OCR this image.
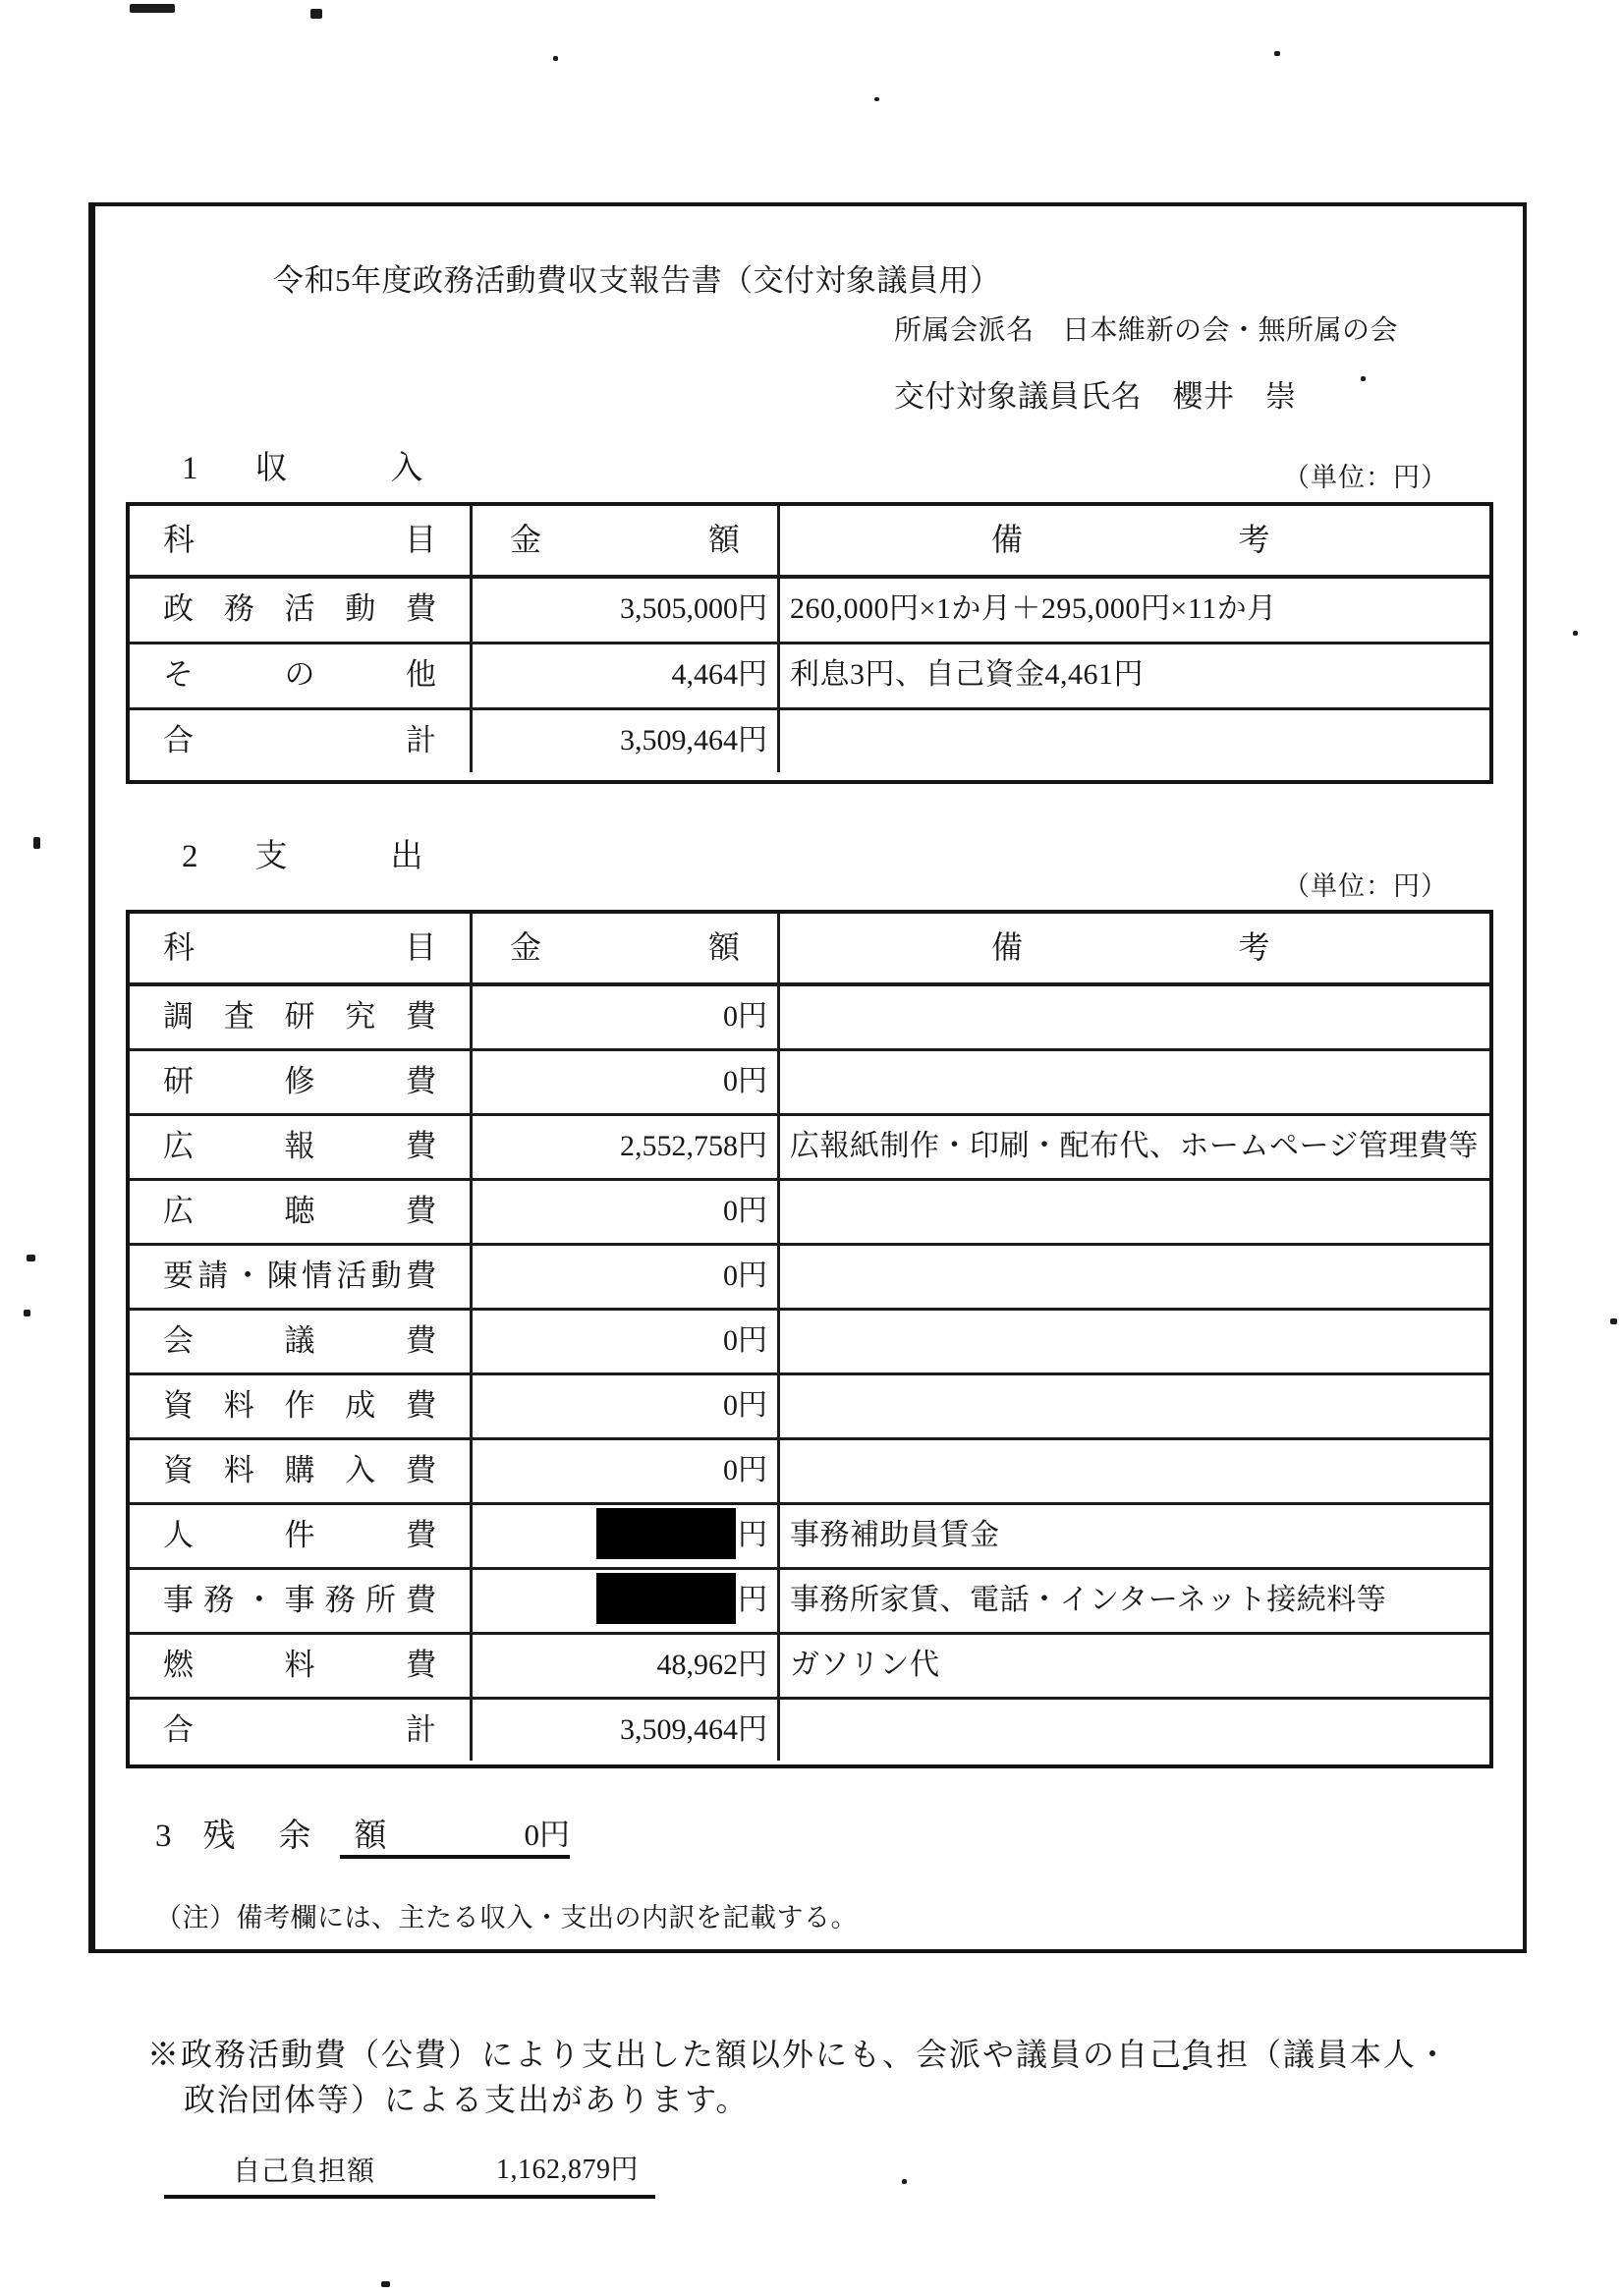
令和5年度政務活動費収支報告書（交付対象議員用）
所属会派名　日本維新の会・無所属の会
交付対象議員氏名　櫻井　崇
1 収入	（単位：円）
科目	金額	備考
政務活動費	3,505,000円 260,000円×1か月＋295,000円×11か月
その他	4,464円 利息3円、自己資金4,461円
合計	3,509,464円
2 支出
（単位：円）
科目	金額	備考
調査研究費	0円
研修費	0円
広報費	2,552,758円 広報紙制作・印刷・配布代、ホームページ管理費等
広聴費	0円
要請・陳情活動費	0円
会議費	0円
資料作成費	0円
資料購入費	0円
人件費	円 事務補助員賃金
事務・事務所費	円 事務所家賃、電話・インターネット接続料等
燃料費	48,962円 ガソリン代
合計	3,509,464円
3 残余額	0円
（注）備考欄には、主たる収入・支出の内訳を記載する。
※政務活動費（公費）により支出した額以外にも、会派や議員の自己負担（議員本人・
政治団体等）による支出があります。
自己負担額	1,162,879円
